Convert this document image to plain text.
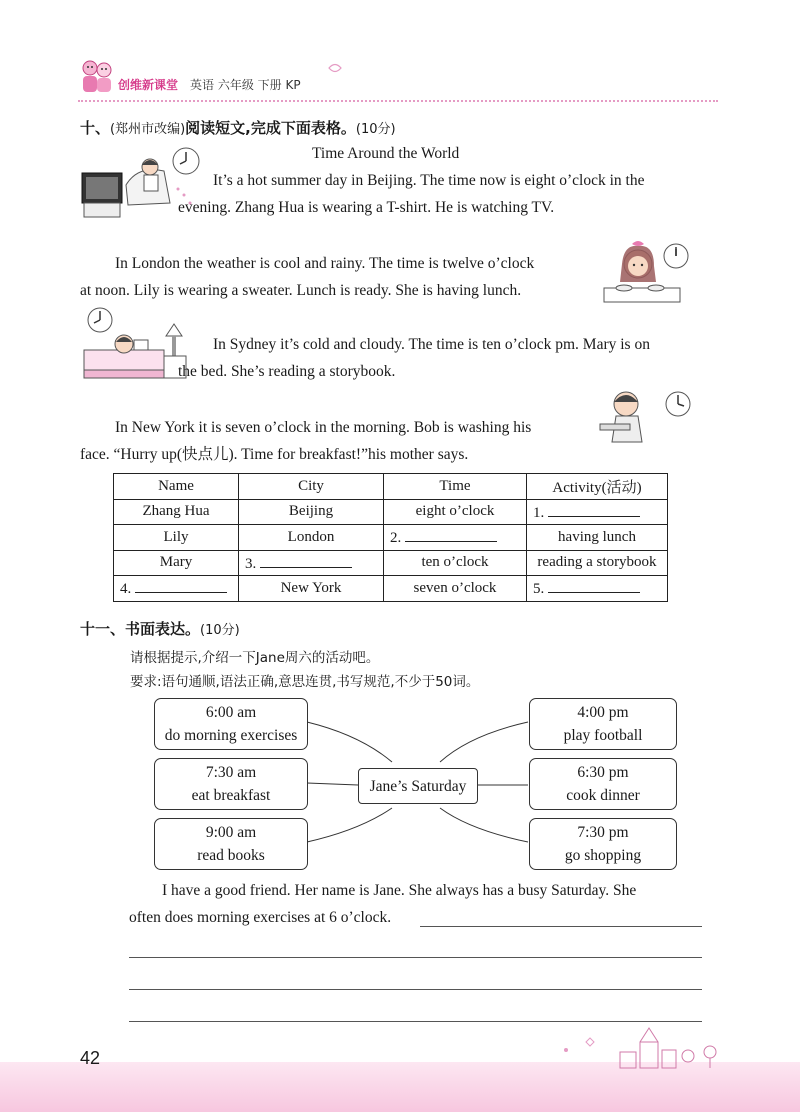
创维新课堂 英语 六年级 下册 KP
十、(郑州市改编)阅读短文,完成下面表格。(10分)
Time Around the World
It’s a hot summer day in Beijing. The time now is eight o’clock in the
evening. Zhang Hua is wearing a T-shirt. He is watching TV.
In London the weather is cool and rainy. The time is twelve o’clock
at noon. Lily is wearing a sweater. Lunch is ready. She is having lunch.
In Sydney it’s cold and cloudy. The time is ten o’clock pm. Mary is on
the bed. She’s reading a storybook.
In New York it is seven o’clock in the morning. Bob is washing his
face. “Hurry up(快点儿). Time for breakfast!”his mother says.
Name	City	Time	Activity(活动)
Zhang Hua	Beijing	eight o’clock	1.
Lily	London	2.	having lunch
Mary	3.	ten o’clock	reading a storybook
4.	New York	seven o’clock	5.
十一、书面表达。(10分)
请根据提示,介绍一下Jane周六的活动吧。
要求:语句通顺,语法正确,意思连贯,书写规范,不少于50词。
6:00 am
do morning exercises
7:30 am
eat breakfast
9:00 am
read books
Jane’s Saturday
4:00 pm
play football
6:30 pm
cook dinner
7:30 pm
go shopping
I have a good friend. Her name is Jane. She always has a busy Saturday. She
often does morning exercises at 6 o’clock.
42
